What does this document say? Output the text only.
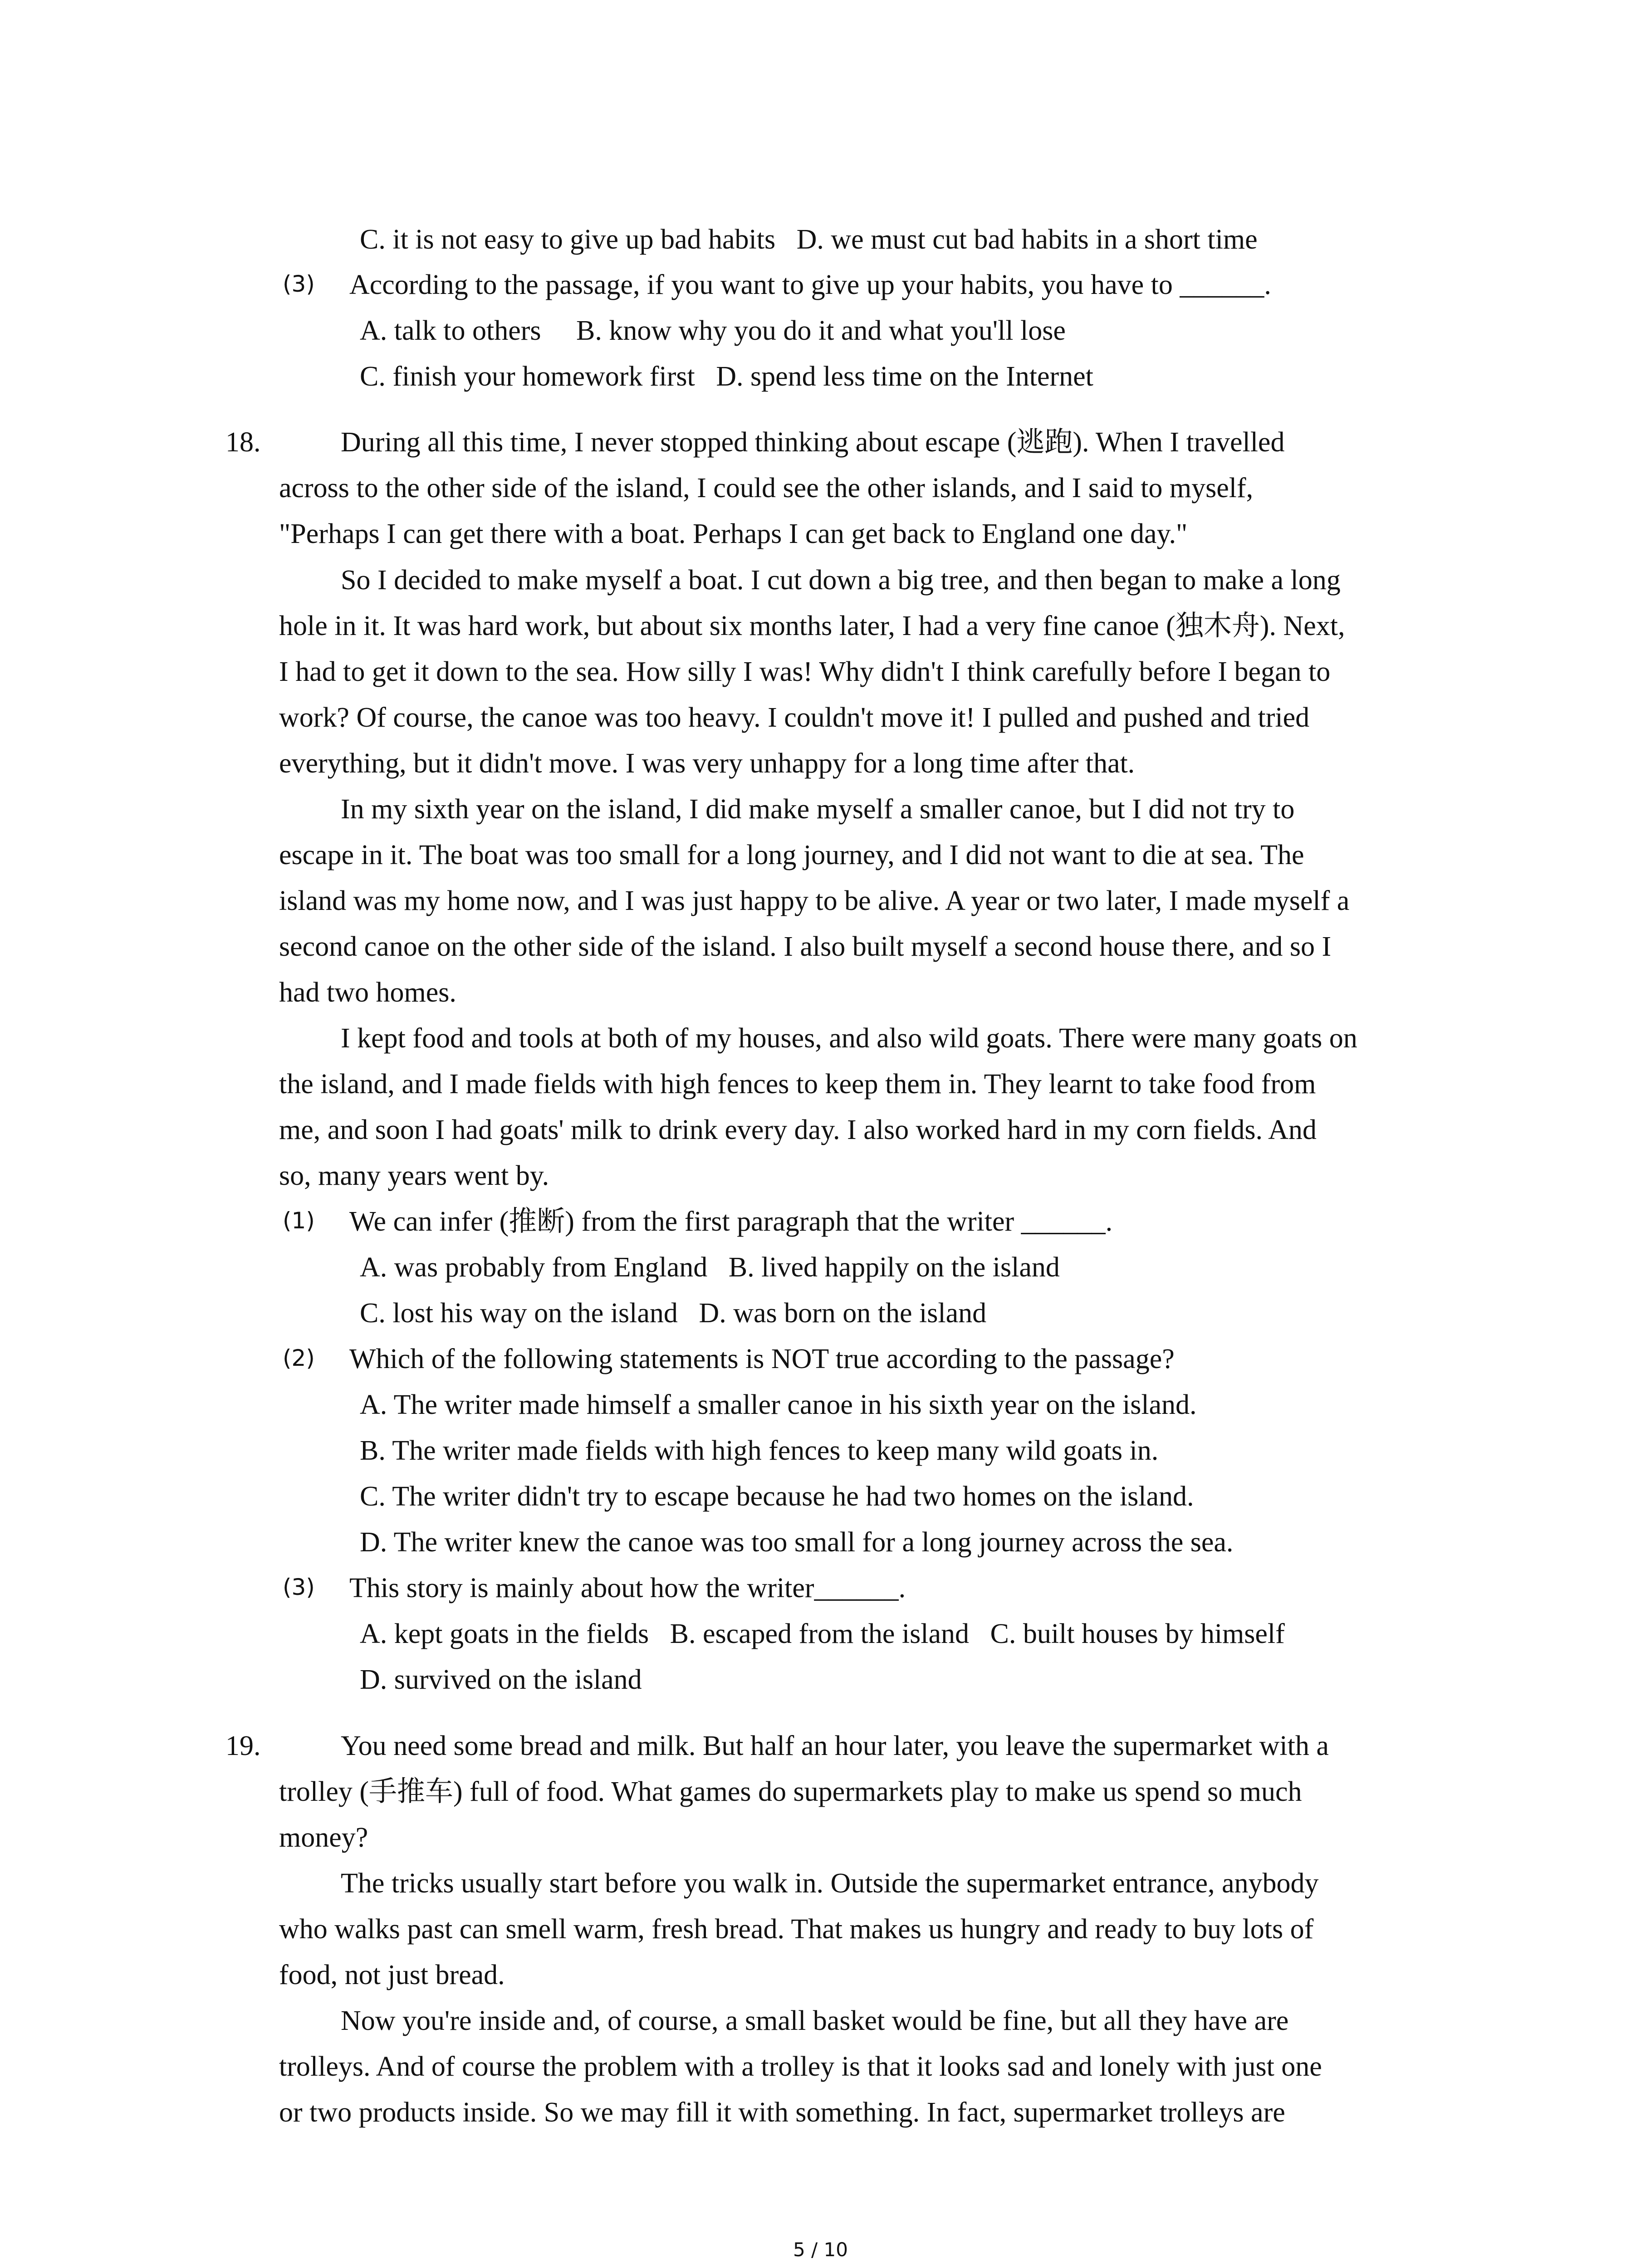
C. it is not easy to give up bad habits   D. we must cut bad habits in a short time
(3) According to the passage, if you want to give up your habits, you have to ______.
A. talk to others     B. know why you do it and what you'll lose
C. finish your homework first   D. spend less time on the Internet
18.	During all this time, I never stopped thinking about escape (逃跑). When I travelled
across to the other side of the island, I could see the other islands, and I said to myself,
"Perhaps I can get there with a boat. Perhaps I can get back to England one day."
So I decided to make myself a boat. I cut down a big tree, and then began to make a long
hole in it. It was hard work, but about six months later, I had a very fine canoe (独木舟). Next,
I had to get it down to the sea. How silly I was! Why didn't I think carefully before I began to
work? Of course, the canoe was too heavy. I couldn't move it! I pulled and pushed and tried
everything, but it didn't move. I was very unhappy for a long time after that.
In my sixth year on the island, I did make myself a smaller canoe, but I did not try to
escape in it. The boat was too small for a long journey, and I did not want to die at sea. The
island was my home now, and I was just happy to be alive. A year or two later, I made myself a
second canoe on the other side of the island. I also built myself a second house there, and so I
had two homes.
I kept food and tools at both of my houses, and also wild goats. There were many goats on
the island, and I made fields with high fences to keep them in. They learnt to take food from
me, and soon I had goats' milk to drink every day. I also worked hard in my corn fields. And
so, many years went by.
(1) We can infer (推断) from the first paragraph that the writer ______.
A. was probably from England   B. lived happily on the island
C. lost his way on the island   D. was born on the island
(2) Which of the following statements is NOT true according to the passage?
A. The writer made himself a smaller canoe in his sixth year on the island.
B. The writer made fields with high fences to keep many wild goats in.
C. The writer didn't try to escape because he had two homes on the island.
D. The writer knew the canoe was too small for a long journey across the sea.
(3) This story is mainly about how the writer______.
A. kept goats in the fields   B. escaped from the island   C. built houses by himself
D. survived on the island
19.	You need some bread and milk. But half an hour later, you leave the supermarket with a
trolley (手推车) full of food. What games do supermarkets play to make us spend so much
money?
The tricks usually start before you walk in. Outside the supermarket entrance, anybody
who walks past can smell warm, fresh bread. That makes us hungry and ready to buy lots of
food, not just bread.
Now you're inside and, of course, a small basket would be fine, but all they have are
trolleys. And of course the problem with a trolley is that it looks sad and lonely with just one
or two products inside. So we may fill it with something. In fact, supermarket trolleys are
5 / 10
